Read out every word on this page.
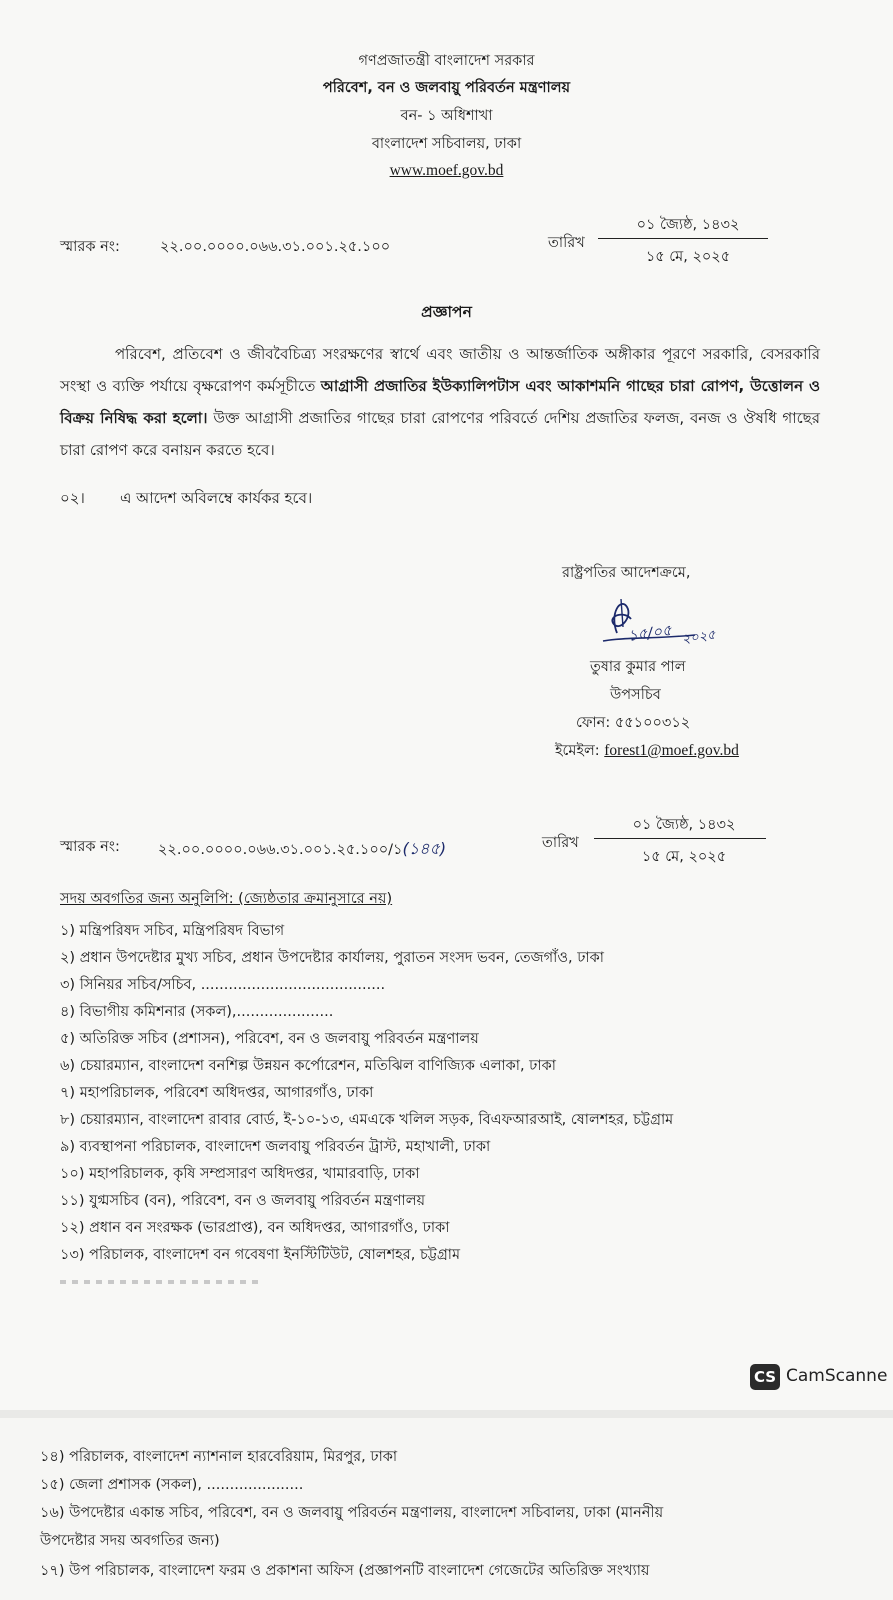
গণপ্রজাতন্ত্রী বাংলাদেশ সরকার
পরিবেশ, বন ও জলবায়ু পরিবর্তন মন্ত্রণালয়
বন- ১ অধিশাখা
বাংলাদেশ সচিবালয়, ঢাকা
www.moef.gov.bd
স্মারক নং:	২২.০০.০০০০.০৬৬.৩১.০০১.২৫.১০০	তারিখ
০১ জ্যৈষ্ঠ, ১৪৩২
১৫ মে, ২০২৫
প্রজ্ঞাপন
পরিবেশ, প্রতিবেশ ও জীববৈচিত্র্য সংরক্ষণের স্বার্থে এবং জাতীয় ও আন্তর্জাতিক অঙ্গীকার পূরণে সরকারি, বেসরকারি সংস্থা ও ব্যক্তি পর্যায়ে বৃক্ষরোপণ কর্মসূচীতে আগ্রাসী প্রজাতির ইউক্যালিপটাস এবং আকাশমনি গাছের চারা রোপণ, উত্তোলন ও বিক্রয় নিষিদ্ধ করা হলো। উক্ত আগ্রাসী প্রজাতির গাছের চারা রোপণের পরিবর্তে দেশিয় প্রজাতির ফলজ, বনজ ও ঔষধি গাছের চারা রোপণ করে বনায়ন করতে হবে।
০২। এ আদেশ অবিলম্বে কার্যকর হবে।
রাষ্ট্রপতির আদেশক্রমে,
১৫/০৫ ২০২৫
তুষার কুমার পাল
উপসচিব
ফোন: ৫৫১০০৩১২
ইমেইল: forest1@moef.gov.bd
স্মারক নং:	২২.০০.০০০০.০৬৬.৩১.০০১.২৫.১০০/১(১৪৫)	তারিখ
০১ জ্যৈষ্ঠ, ১৪৩২
১৫ মে, ২০২৫
সদয় অবগতির জন্য অনুলিপি: (জ্যেষ্ঠতার ক্রমানুসারে নয়)
১) মন্ত্রিপরিষদ সচিব, মন্ত্রিপরিষদ বিভাগ
২) প্রধান উপদেষ্টার মুখ্য সচিব, প্রধান উপদেষ্টার কার্যালয়, পুরাতন সংসদ ভবন, তেজগাঁও, ঢাকা
৩) সিনিয়র সচিব/সচিব, ........................................
৪) বিভাগীয় কমিশনার (সকল),.....................
৫) অতিরিক্ত সচিব (প্রশাসন), পরিবেশ, বন ও জলবায়ু পরিবর্তন মন্ত্রণালয়
৬) চেয়ারম্যান, বাংলাদেশ বনশিল্প উন্নয়ন কর্পোরেশন, মতিঝিল বাণিজ্যিক এলাকা, ঢাকা
৭) মহাপরিচালক, পরিবেশ অধিদপ্তর, আগারগাঁও, ঢাকা
৮) চেয়ারম্যান, বাংলাদেশ রাবার বোর্ড, ই-১০-১৩, এমএকে খলিল সড়ক, বিএফআরআই, ষোলশহর, চট্টগ্রাম
৯) ব্যবস্থাপনা পরিচালক, বাংলাদেশ জলবায়ু পরিবর্তন ট্রাস্ট, মহাখালী, ঢাকা
১০) মহাপরিচালক, কৃষি সম্প্রসারণ অধিদপ্তর, খামারবাড়ি, ঢাকা
১১) যুগ্মসচিব (বন), পরিবেশ, বন ও জলবায়ু পরিবর্তন মন্ত্রণালয়
১২) প্রধান বন সংরক্ষক (ভারপ্রাপ্ত), বন অধিদপ্তর, আগারগাঁও, ঢাকা
১৩) পরিচালক, বাংলাদেশ বন গবেষণা ইনস্টিটিউট, ষোলশহর, চট্টগ্রাম
CS CamScanne
১৪) পরিচালক, বাংলাদেশ ন্যাশনাল হারবেরিয়াম, মিরপুর, ঢাকা
১৫) জেলা প্রশাসক (সকল), .....................
১৬) উপদেষ্টার একান্ত সচিব, পরিবেশ, বন ও জলবায়ু পরিবর্তন মন্ত্রণালয়, বাংলাদেশ সচিবালয়, ঢাকা (মাননীয়
উপদেষ্টার সদয় অবগতির জন্য)
১৭) উপ পরিচালক, বাংলাদেশ ফরম ও প্রকাশনা অফিস (প্রজ্ঞাপনটি বাংলাদেশ গেজেটের অতিরিক্ত সংখ্যায়
